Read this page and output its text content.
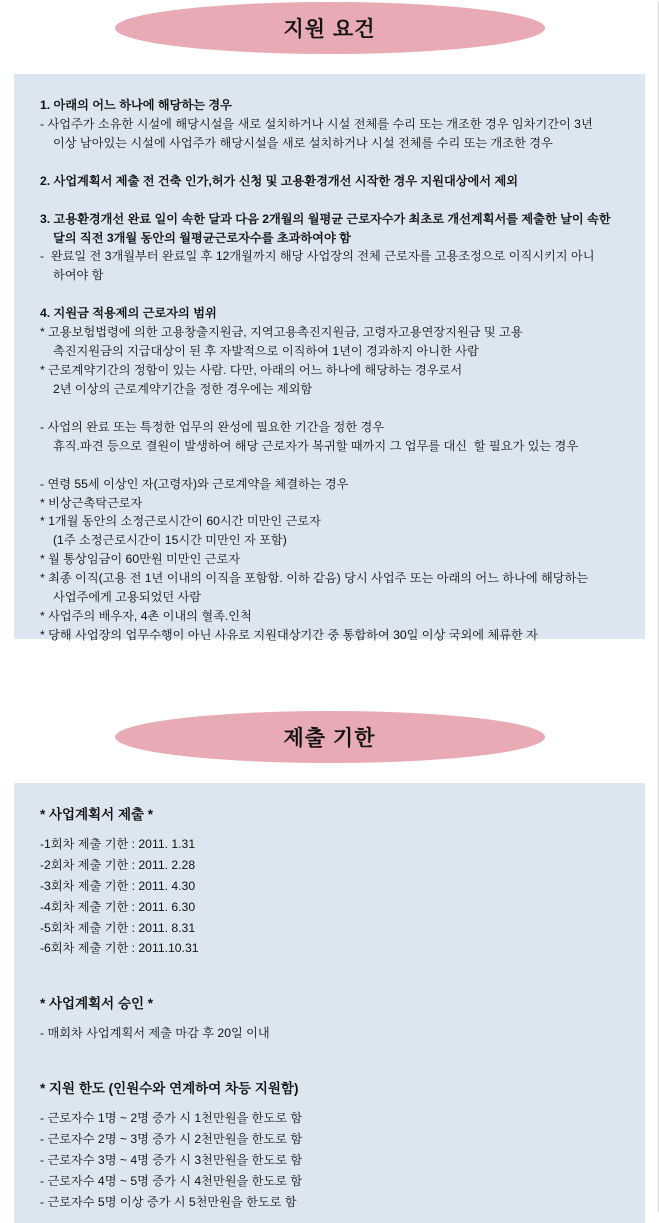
지원 요건
1. 아래의 어느 하나에 해당하는 경우
- 사업주가 소유한 시설에 해당시설을 새로 설치하거나 시설 전체를 수리 또는 개조한 경우 임차기간이 3년
이상 남아있는 시설에 사업주가 해당시설을 새로 설치하거나 시설 전체를 수리 또는 개조한 경우
2. 사업계획서 제출 전 건축 인가,허가 신청 및 고용환경개선 시작한 경우 지원대상에서 제외
3. 고용환경개선 완료 일이 속한 달과 다음 2개월의 월평균 근로자수가 최초로 개선계획서를 제출한 날이 속한
달의 직전 3개월 동안의 월평균근로자수를 초과하여야 함
-  완료일 전 3개월부터 완료일 후 12개월까지 해당 사업장의 전체 근로자를 고용조정으로 이직시키지 아니
하여야 함
4. 지원금 적용제의 근로자의 범위
* 고용보험법령에 의한 고용창출지원금, 지역고용촉진지원금, 고령자고용연장지원금 및 고용
촉진지원금의 지급대상이 된 후 자발적으로 이직하여 1년이 경과하지 아니한 사람
* 근로계약기간의 정함이 있는 사람. 다만, 아래의 어느 하나에 해당하는 경우로서
2년 이상의 근로계약기간을 정한 경우에는 제외함
- 사업의 완료 또는 특정한 업무의 완성에 필요한 기간을 정한 경우
휴직.파견 등으로 결원이 발생하여 해당 근로자가 복귀할 때까지 그 업무를 대신  할 필요가 있는 경우
- 연령 55세 이상인 자(고령자)와 근로계약을 체결하는 경우
* 비상근촉탁근로자
* 1개월 동안의 소정근로시간이 60시간 미만인 근로자
(1주 소정근로시간이 15시간 미만인 자 포함)
* 월 통상임금이 60만원 미만인 근로자
* 최종 이직(고용 전 1년 이내의 이직을 포함함. 이하 같음) 당시 사업주 또는 아래의 어느 하나에 해당하는
사업주에게 고용되었던 사람
* 사업주의 배우자, 4촌 이내의 혈족.인척
* 당해 사업장의 업무수행이 아닌 사유로 지원대상기간 중 통합하여 30일 이상 국외에 체류한 자
제출 기한
* 사업계획서 제출 *
-1회차 제출 기한 : 2011. 1.31
-2회차 제출 기한 : 2011. 2.28
-3회차 제출 기한 : 2011. 4.30
-4회차 제출 기한 : 2011. 6.30
-5회차 제출 기한 : 2011. 8.31
-6회차 제출 기한 : 2011.10.31
* 사업계획서 승인 *
- 매회차 사업계획서 제출 마감 후 20일 이내
* 지원 한도 (인원수와 연계하여 차등 지원함)
- 근로자수 1명 ~ 2명 증가 시 1천만원을 한도로 함
- 근로자수 2명 ~ 3명 증가 시 2천만원을 한도로 함
- 근로자수 3명 ~ 4명 증가 시 3천만원을 한도로 함
- 근로자수 4명 ~ 5명 증가 시 4천만원을 한도로 함
- 근로자수 5명 이상 증가 시 5천만원을 한도로 함
